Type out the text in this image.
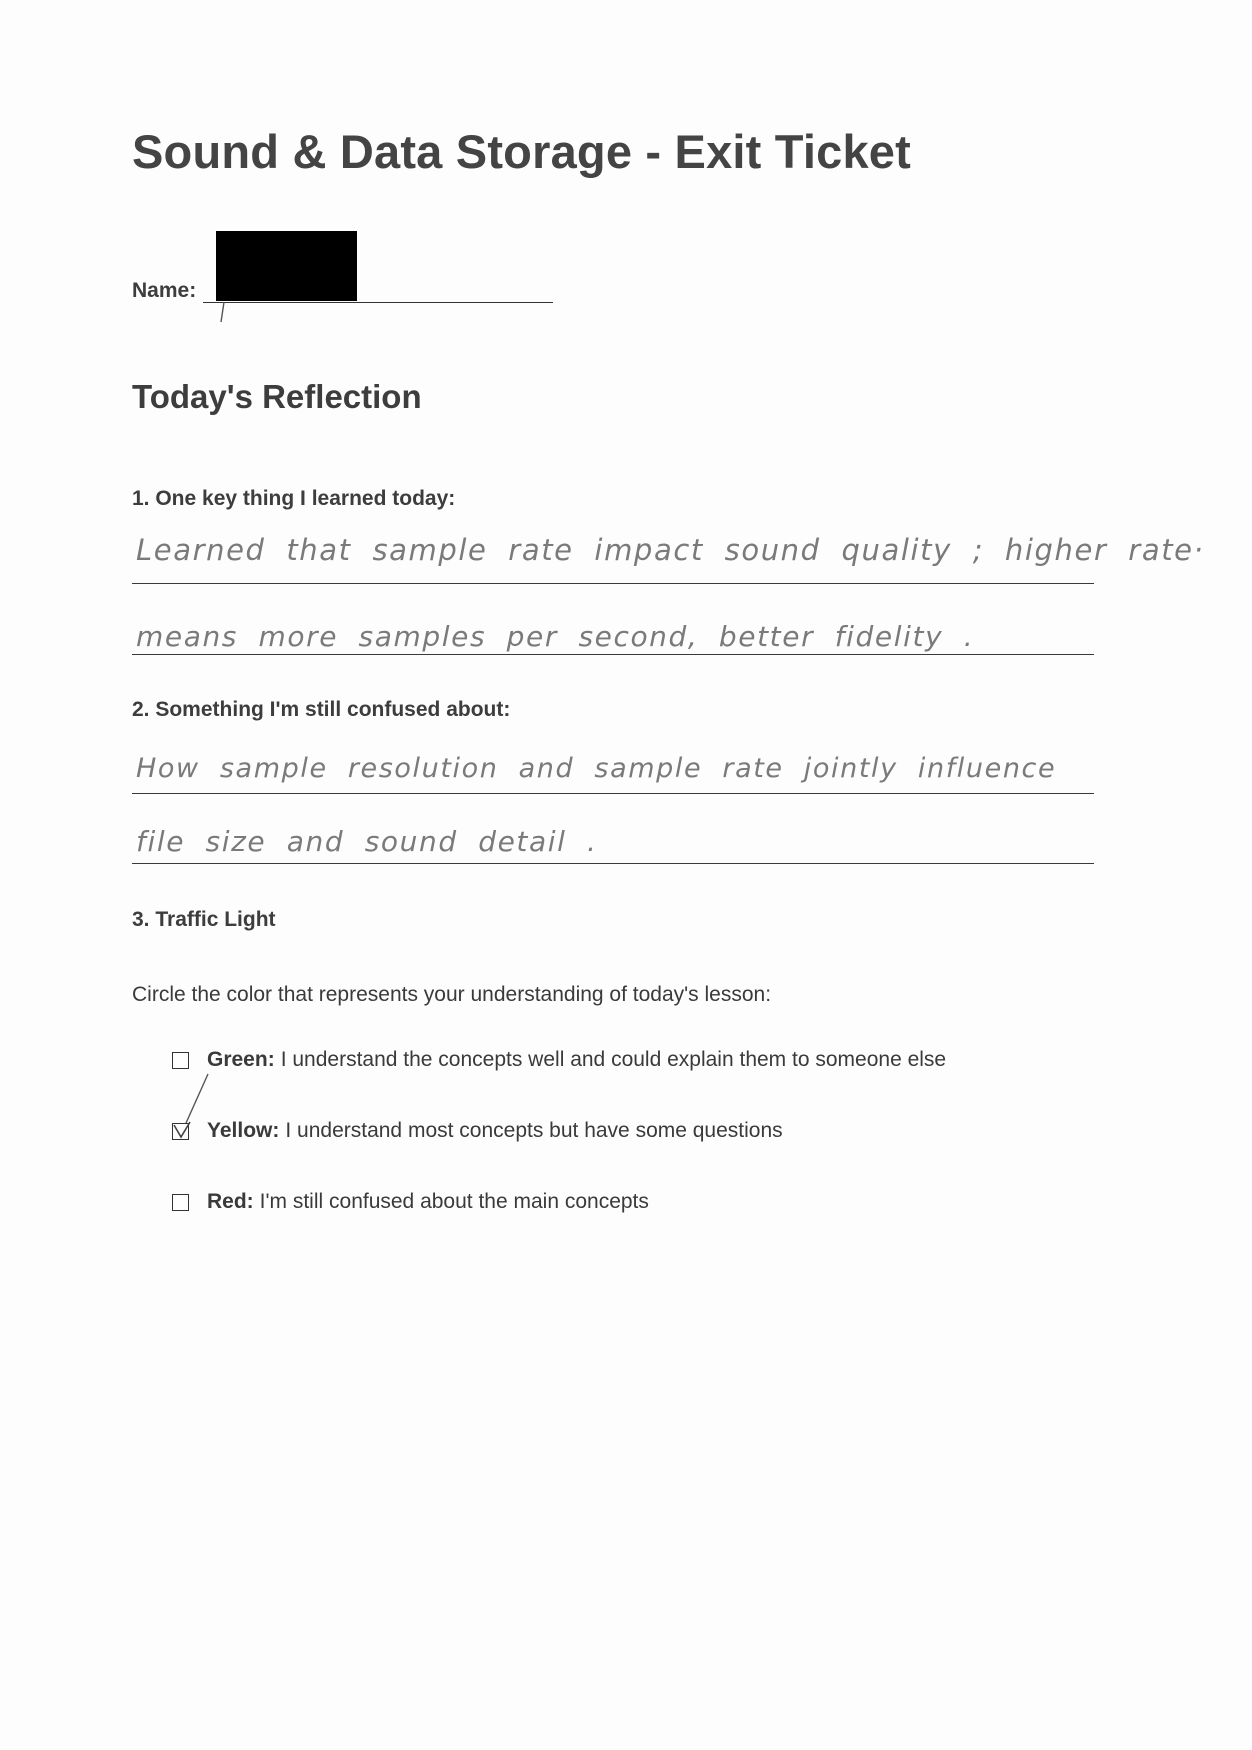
Sound & Data Storage - Exit Ticket
Name:
Today's Reflection
1. One key thing I learned today:
Learned that sample rate impact sound quality ; higher rate·
means more samples per second, better fidelity .
2. Something I'm still confused about:
How sample resolution and sample rate jointly influence
file size and sound detail .
3. Traffic Light
Circle the color that represents your understanding of today's lesson:
Green: I understand the concepts well and could explain them to someone else
Yellow: I understand most concepts but have some questions
Red: I'm still confused about the main concepts
